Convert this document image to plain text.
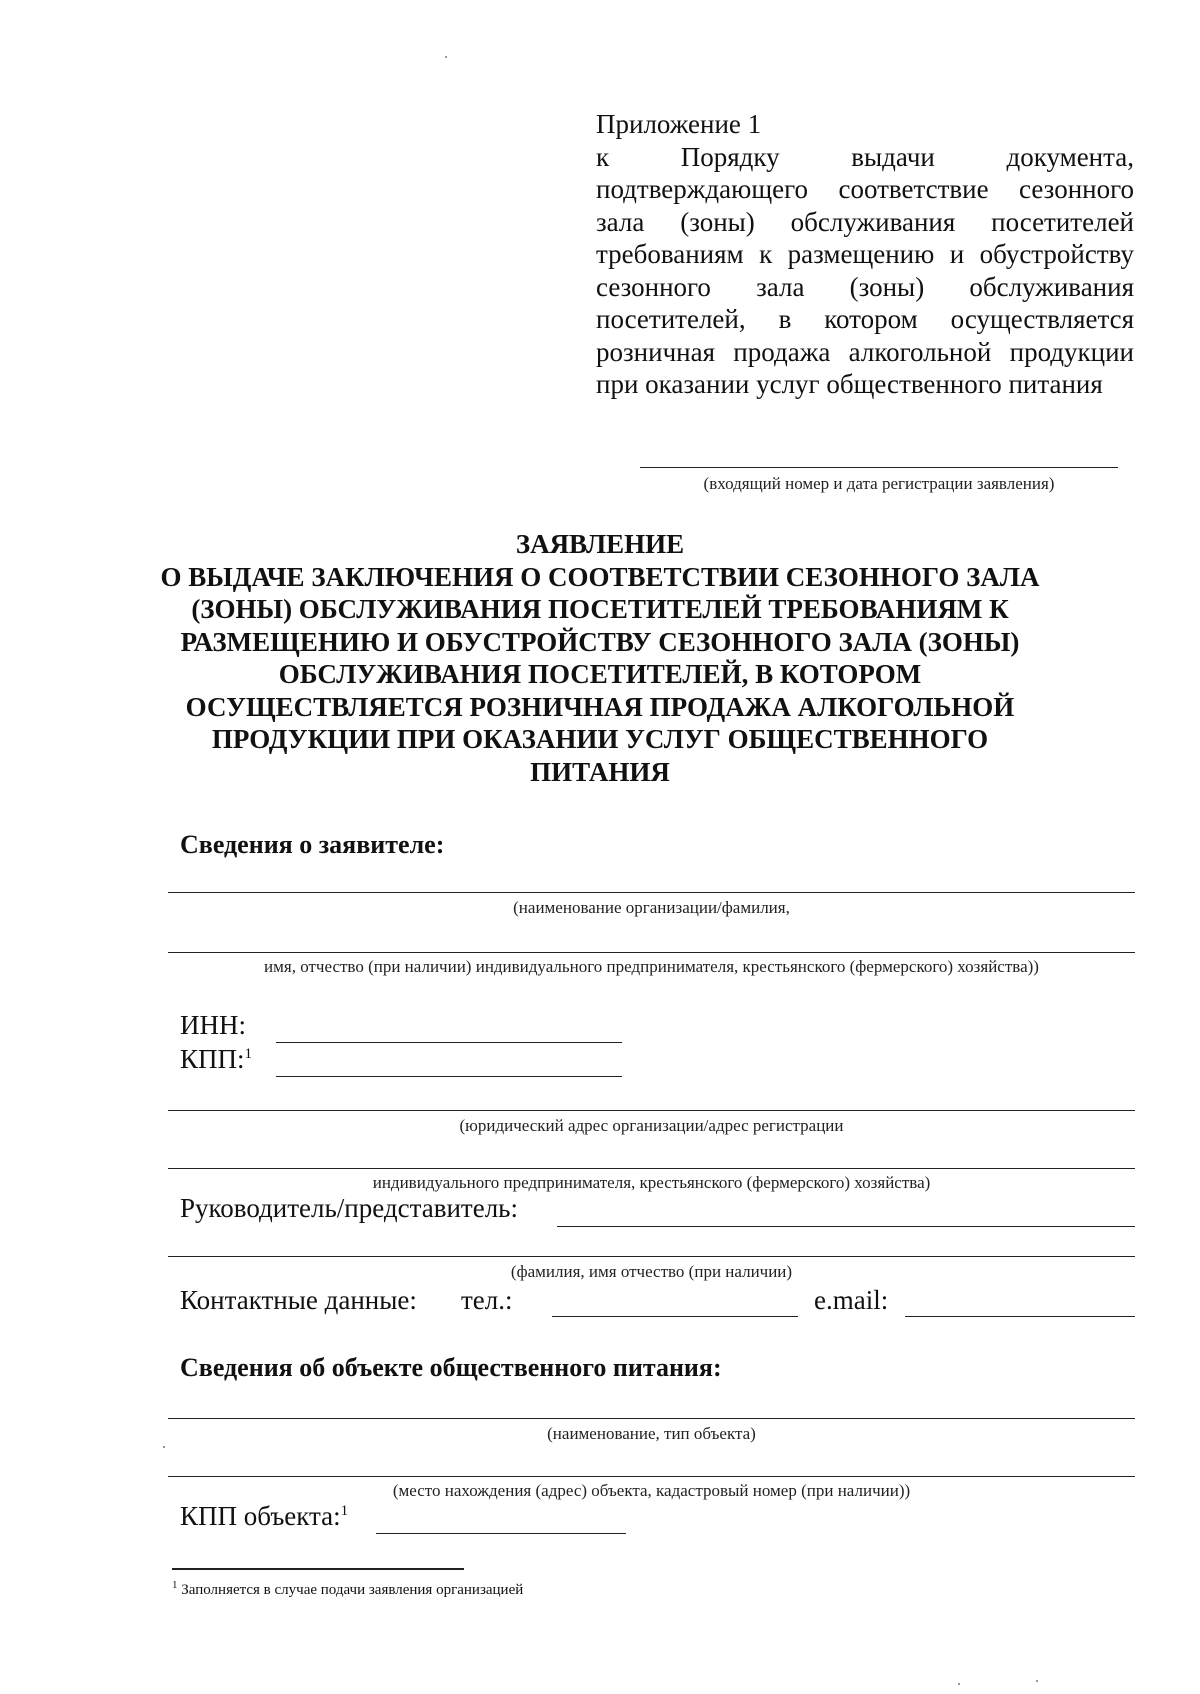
Приложение 1
к Порядку выдачи документа, подтверждающего соответствие сезонного зала (зоны) обслуживания посетителей требованиям к размещению и обустройству сезонного зала (зоны) обслуживания посетителей, в котором осуществляется розничная продажа алкогольной продукции при оказании услуг общественного питания
(входящий номер и дата регистрации заявления)
ЗАЯВЛЕНИЕ
О ВЫДАЧЕ ЗАКЛЮЧЕНИЯ О СООТВЕТСТВИИ СЕЗОННОГО ЗАЛА (ЗОНЫ) ОБСЛУЖИВАНИЯ ПОСЕТИТЕЛЕЙ ТРЕБОВАНИЯМ К РАЗМЕЩЕНИЮ И ОБУСТРОЙСТВУ СЕЗОННОГО ЗАЛА (ЗОНЫ) ОБСЛУЖИВАНИЯ ПОСЕТИТЕЛЕЙ, В КОТОРОМ ОСУЩЕСТВЛЯЕТСЯ РОЗНИЧНАЯ ПРОДАЖА АЛКОГОЛЬНОЙ ПРОДУКЦИИ ПРИ ОКАЗАНИИ УСЛУГ ОБЩЕСТВЕННОГО ПИТАНИЯ
Сведения о заявителе:
(наименование организации/фамилия,
имя, отчество (при наличии) индивидуального предпринимателя, крестьянского (фермерского) хозяйства))
ИНН:
КПП:$^1$
(юридический адрес организации/адрес регистрации
индивидуального предпринимателя, крестьянского (фермерского) хозяйства)
Руководитель/представитель:
(фамилия, имя отчество (при наличии)
Контактные данные: тел.:	e.mail:
Сведения об объекте общественного питания:
(наименование, тип объекта)
(место нахождения (адрес) объекта, кадастровый номер (при наличии))
КПП объекта:$^1$
$^1$ Заполняется в случае подачи заявления организацией
